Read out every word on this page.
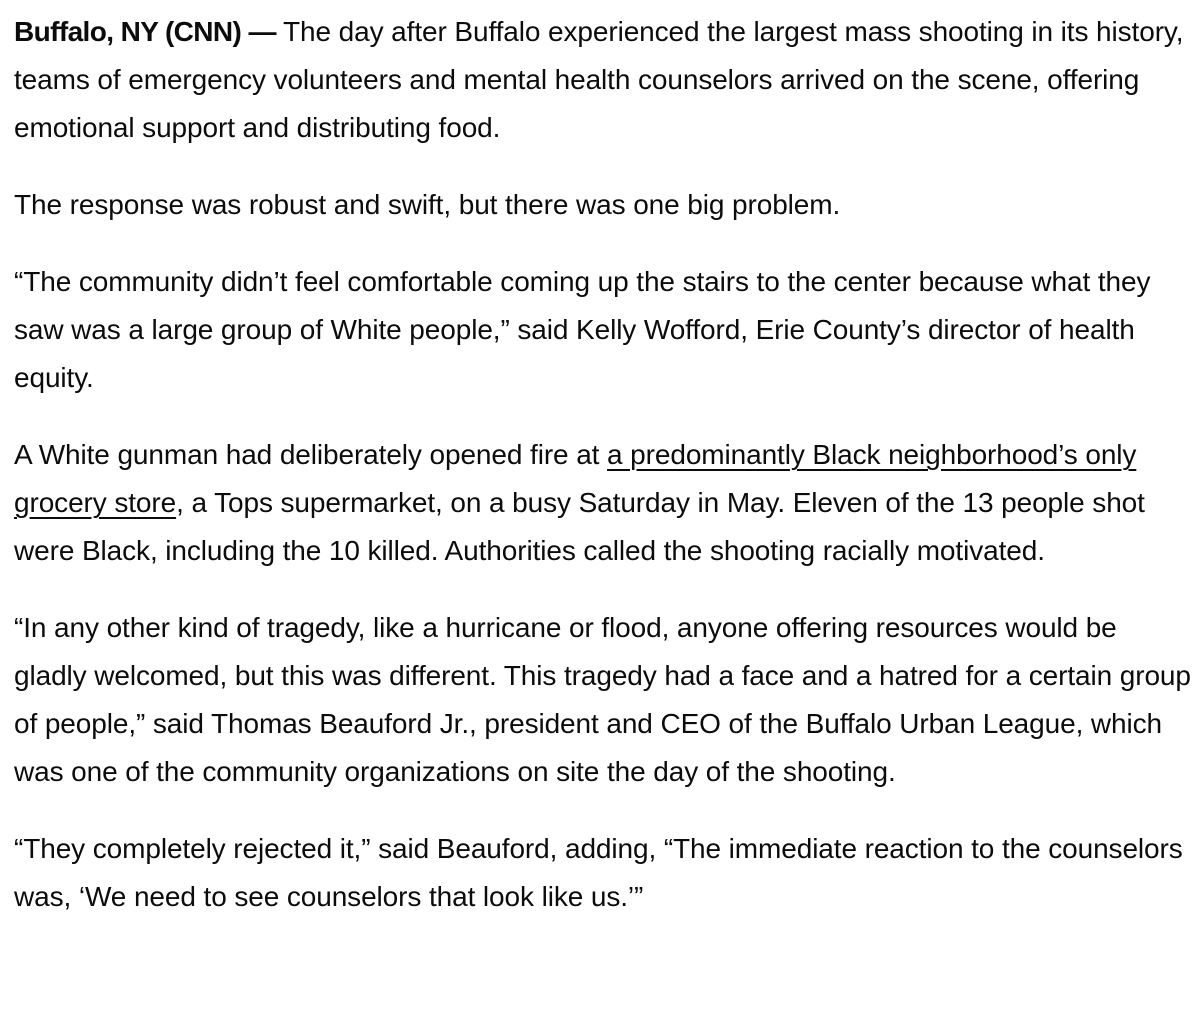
Buffalo, NY (CNN) — The day after Buffalo experienced the largest mass shooting in its history, teams of emergency volunteers and mental health counselors arrived on the scene, offering emotional support and distributing food.

The response was robust and swift, but there was one big problem.

“The community didn’t feel comfortable coming up the stairs to the center because what they saw was a large group of White people,” said Kelly Wofford, Erie County’s director of health equity.

A White gunman had deliberately opened fire at a predominantly Black neighborhood’s only grocery store, a Tops supermarket, on a busy Saturday in May. Eleven of the 13 people shot were Black, including the 10 killed. Authorities called the shooting racially motivated.

“In any other kind of tragedy, like a hurricane or flood, anyone offering resources would be gladly welcomed, but this was different. This tragedy had a face and a hatred for a certain group of people,” said Thomas Beauford Jr., president and CEO of the Buffalo Urban League, which was one of the community organizations on site the day of the shooting.

“They completely rejected it,” said Beauford, adding, “The immediate reaction to the counselors was, ‘We need to see counselors that look like us.’”
